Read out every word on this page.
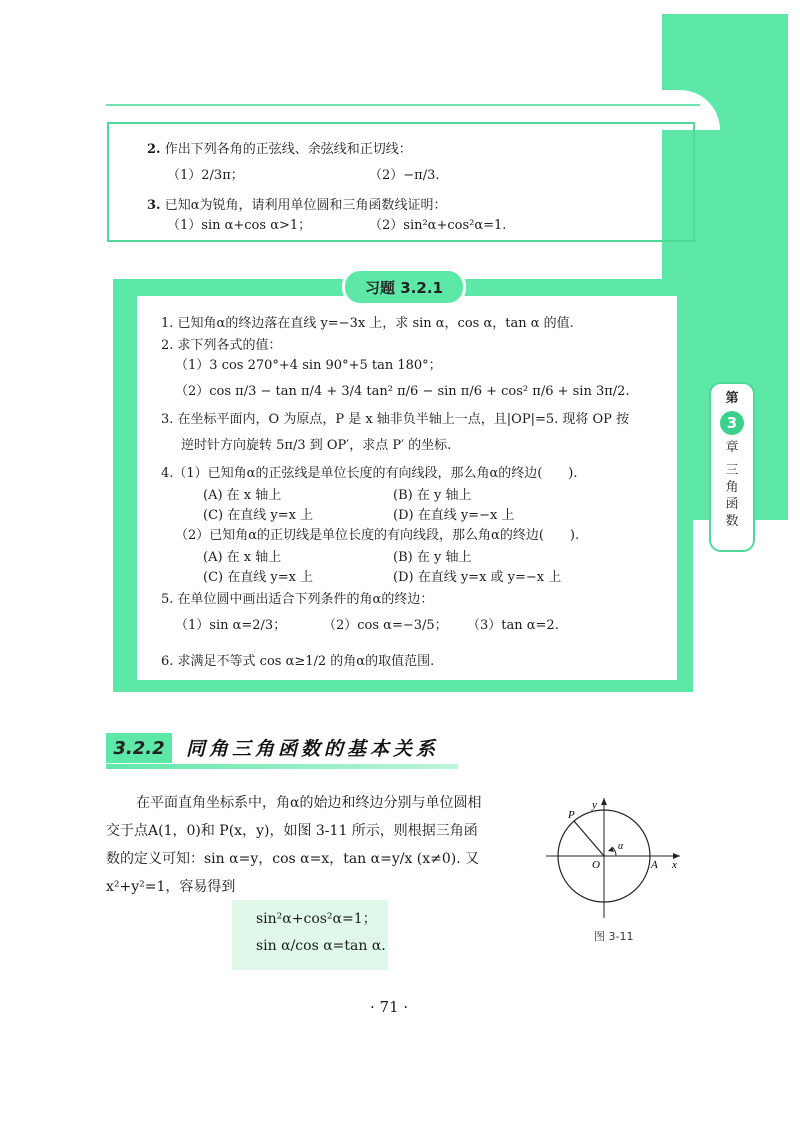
第
3
章
三
角
函
数
2. 作出下列各角的正弦线、余弦线和正切线：
（1）2/3π；	（2）−π/3.
3. 已知α为锐角，请利用单位圆和三角函数线证明：
（1）sin α+cos α>1；	（2）sin²α+cos²α=1.
1. 已知角α的终边落在直线 y=−3x 上，求 sin α，cos α，tan α 的值.
2. 求下列各式的值：
（1）3 cos 270°+4 sin 90°+5 tan 180°；
（2）cos π/3 − tan π/4 + 3/4 tan² π/6 − sin π/6 + cos² π/6 + sin 3π/2.
3. 在坐标平面内，O 为原点，P 是 x 轴非负半轴上一点，且|OP|=5. 现将 OP 按
逆时针方向旋转 5π/3 到 OP′，求点 P′ 的坐标.
4.（1）已知角α的正弦线是单位长度的有向线段，那么角α的终边(　　).
(A) 在 x 轴上	(B) 在 y 轴上
(C) 在直线 y=x 上	(D) 在直线 y=−x 上
（2）已知角α的正切线是单位长度的有向线段，那么角α的终边(　　).
(A) 在 x 轴上	(B) 在 y 轴上
(C) 在直线 y=x 上	(D) 在直线 y=x 或 y=−x 上
5. 在单位圆中画出适合下列条件的角α的终边：
（1）sin α=2/3；	（2）cos α=−3/5； （3）tan α=2.
6. 求满足不等式 cos α≥1/2 的角α的取值范围.
习题 3.2.1
3.2.2	同角三角函数的基本关系
在平面直角坐标系中，角α的始边和终边分别与单位圆相
交于点A(1，0)和 P(x，y)，如图 3-11 所示，则根据三角函
数的定义可知：sin α=y，cos α=x，tan α=y/x (x≠0). 又
x²+y²=1，容易得到
sin²α+cos²α=1；
sin α/cos α=tan α.
y
x
P
O	A
α
图 3-11
· 71 ·
